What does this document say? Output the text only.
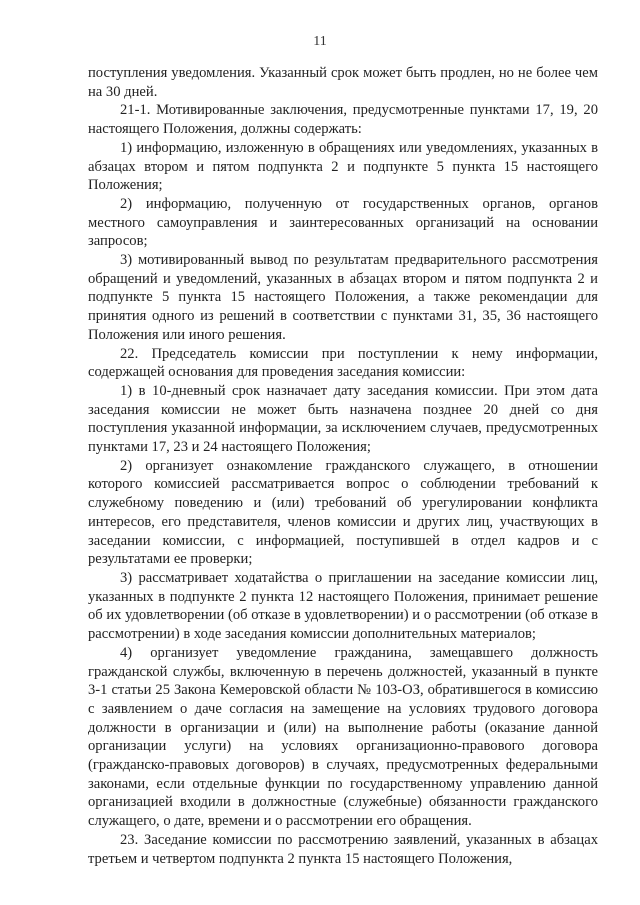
11

поступления уведомления. Указанный срок может быть продлен, но не более чем на 30 дней.

21-1. Мотивированные заключения, предусмотренные пунктами 17, 19, 20 настоящего Положения, должны содержать:

1) информацию, изложенную в обращениях или уведомлениях, указанных в абзацах втором и пятом подпункта 2 и подпункте 5 пункта 15 настоящего Положения;

2) информацию, полученную от государственных органов, органов местного самоуправления и заинтересованных организаций на основании запросов;

3) мотивированный вывод по результатам предварительного рассмотрения обращений и уведомлений, указанных в абзацах втором и пятом подпункта 2 и подпункте 5 пункта 15 настоящего Положения, а также рекомендации для принятия одного из решений в соответствии с пунктами 31, 35, 36 настоящего Положения или иного решения.

22. Председатель комиссии при поступлении к нему информации, содержащей основания для проведения заседания комиссии:

1) в 10-дневный срок назначает дату заседания комиссии. При этом дата заседания комиссии не может быть назначена позднее 20 дней со дня поступления указанной информации, за исключением случаев, предусмотренных пунктами 17, 23 и 24 настоящего Положения;

2) организует ознакомление гражданского служащего, в отношении которого комиссией рассматривается вопрос о соблюдении требований к служебному поведению и (или) требований об урегулировании конфликта интересов, его представителя, членов комиссии и других лиц, участвующих в заседании комиссии, с информацией, поступившей в отдел кадров и с результатами ее проверки;

3) рассматривает ходатайства о приглашении на заседание комиссии лиц, указанных в подпункте 2 пункта 12 настоящего Положения, принимает решение об их удовлетворении (об отказе в удовлетворении) и о рассмотрении (об отказе в рассмотрении) в ходе заседания комиссии дополнительных материалов;

4) организует уведомление гражданина, замещавшего должность гражданской службы, включенную в перечень должностей, указанный в пункте 3-1 статьи 25 Закона Кемеровской области № 103-ОЗ, обратившегося в комиссию с заявлением о даче согласия на замещение на условиях трудового договора должности в организации и (или) на выполнение работы (оказание данной организации услуги) на условиях организационно-правового договора (гражданско-правовых договоров) в случаях, предусмотренных федеральными законами, если отдельные функции по государственному управлению данной организацией входили в должностные (служебные) обязанности гражданского служащего, о дате, времени и о рассмотрении его обращения.

23. Заседание комиссии по рассмотрению заявлений, указанных в абзацах третьем и четвертом подпункта 2 пункта 15 настоящего Положения,
